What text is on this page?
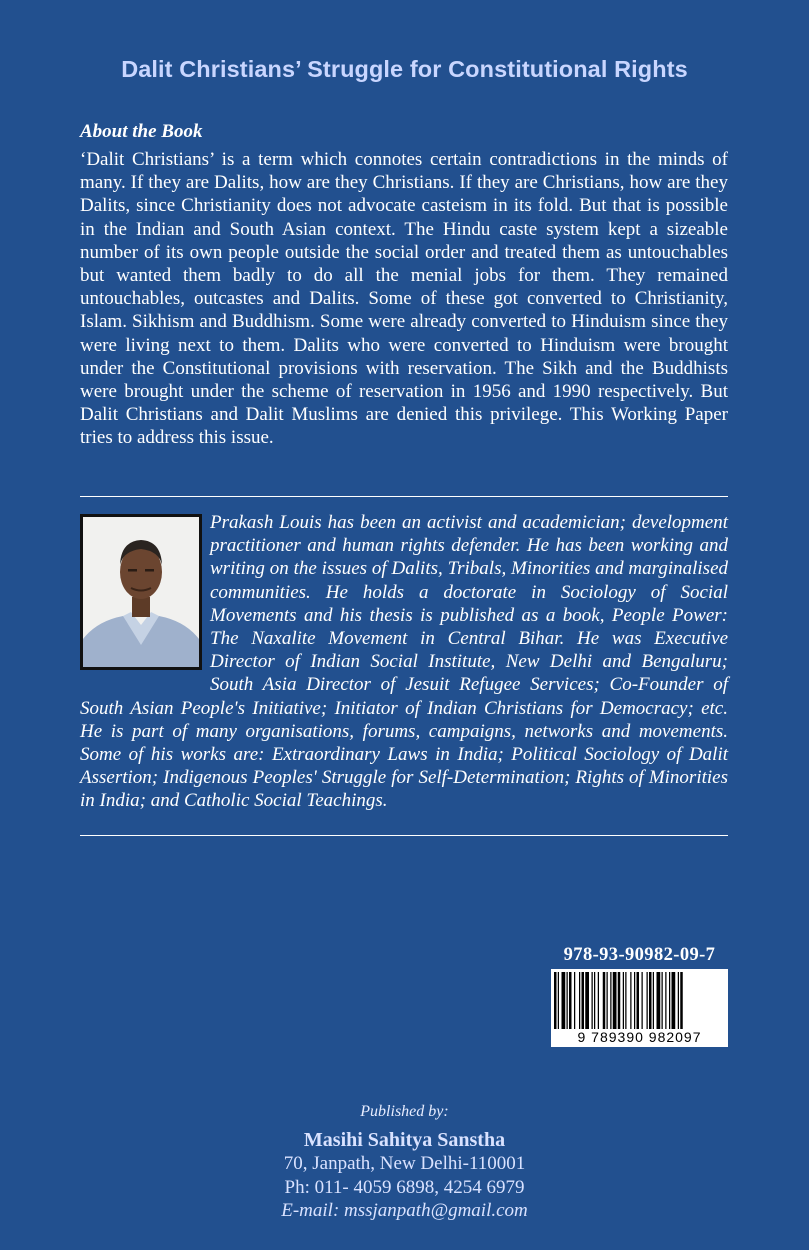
Dalit Christians’ Struggle for Constitutional Rights
About the Book
‘Dalit Christians’ is a term which connotes certain contradictions in the minds of many. If they are Dalits, how are they Christians. If they are Christians, how are they Dalits, since Christianity does not advocate casteism in its fold. But that is possible in the Indian and South Asian context. The Hindu caste system kept a sizeable number of its own people outside the social order and treated them as untouchables but wanted them badly to do all the menial jobs for them. They remained untouchables, outcastes and Dalits. Some of these got converted to Christianity, Islam. Sikhism and Buddhism. Some were already converted to Hinduism since they were living next to them. Dalits who were converted to Hinduism were brought under the Constitutional provisions with reservation. The Sikh and the Buddhists were brought under the scheme of reservation in 1956 and 1990 respectively. But Dalit Christians and Dalit Muslims are denied this privilege. This Working Paper tries to address this issue.
Prakash Louis has been an activist and academician; development practitioner and human rights defender. He has been working and writing on the issues of Dalits, Tribals, Minorities and marginalised communities. He holds a doctorate in Sociology of Social Movements and his thesis is published as a book, People Power: The Naxalite Movement in Central Bihar. He was Executive Director of Indian Social Institute, New Delhi and Bengaluru; South Asia Director of Jesuit Refugee Services; Co-Founder of South Asian People's Initiative; Initiator of Indian Christians for Democracy; etc. He is part of many organisations, forums, campaigns, networks and movements. Some of his works are: Extraordinary Laws in India; Political Sociology of Dalit Assertion; Indigenous Peoples' Struggle for Self-Determination; Rights of Minorities in India; and Catholic Social Teachings.
978-93-90982-09-7
9 789390 982097
Published by:
Masihi Sahitya Sanstha
70, Janpath, New Delhi-110001
Ph: 011- 4059 6898, 4254 6979
E-mail: mssjanpath@gmail.com
